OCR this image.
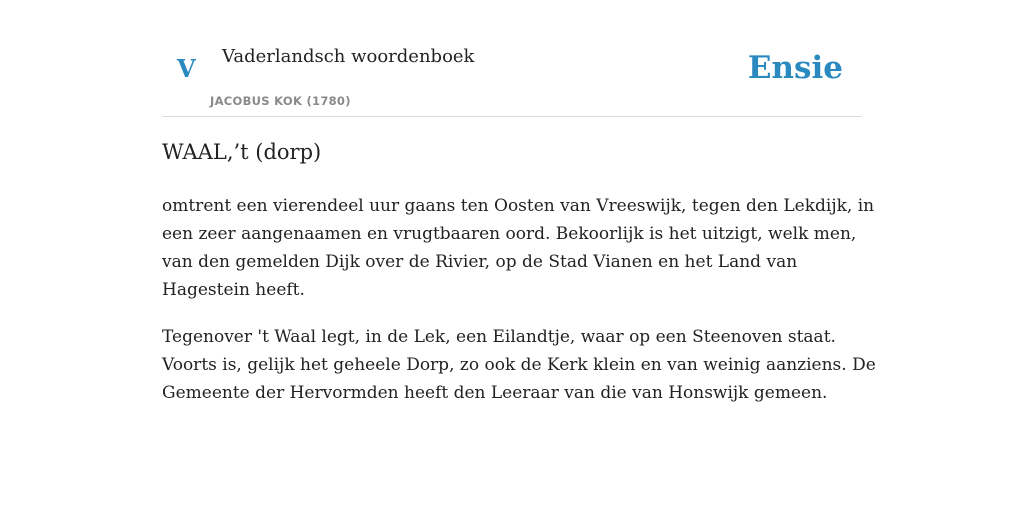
V Vaderlandsch woordenboek
JACOBUS KOK (1780)
Ensie
WAAL,’t (dorp)

omtrent een vierendeel uur gaans ten Oosten van Vreeswijk, tegen den Lekdijk, in
een zeer aangenaamen en vrugtbaaren oord. Bekoorlijk is het uitzigt, welk men,
van den gemelden Dijk over de Rivier, op de Stad Vianen en het Land van
Hagestein heeft.

Tegenover 't Waal legt, in de Lek, een Eilandtje, waar op een Steenoven staat.
Voorts is, gelijk het geheele Dorp, zo ook de Kerk klein en van weinig aanziens. De
Gemeente der Hervormden heeft den Leeraar van die van Honswijk gemeen.
